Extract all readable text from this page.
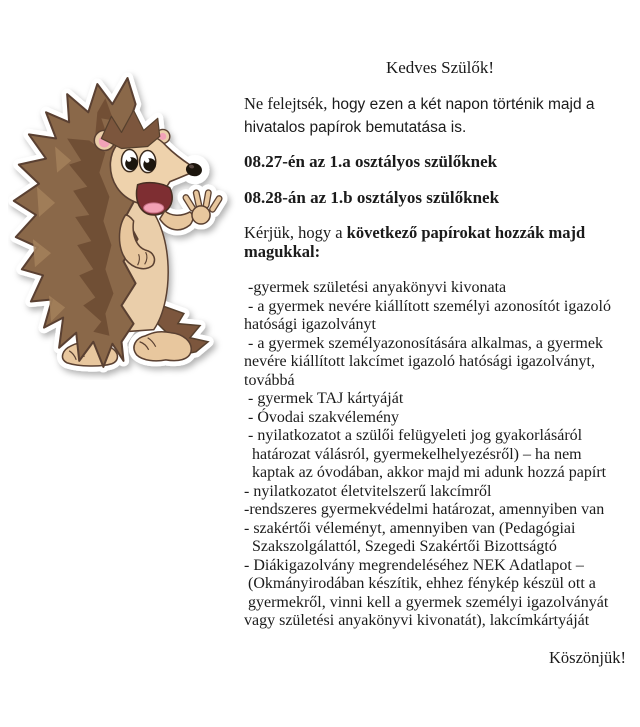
Kedves Szülők!
Ne felejtsék, hogy ezen a két napon történik majd a
hivatalos papírok bemutatása is.
08.27-én az 1.a osztályos szülőknek
08.28-án az 1.b osztályos szülőknek
Kérjük, hogy a következő papírokat hozzák majd
magukkal:
-gyermek születési anyakönyvi kivonata
- a gyermek nevére kiállított személyi azonosítót igazoló
hatósági igazolványt
- a gyermek személyazonosítására alkalmas, a gyermek
nevére kiállított lakcímet igazoló hatósági igazolványt,
továbbá
- gyermek TAJ kártyáját
- Óvodai szakvélemény
- nyilatkozatot a szülői felügyeleti jog gyakorlásáról
határozat válásról, gyermekelhelyezésről) – ha nem
kaptak az óvodában, akkor majd mi adunk hozzá papírt
- nyilatkozatot életvitelszerű lakcímről
-rendszeres gyermekvédelmi határozat, amennyiben van
- szakértői véleményt, amennyiben van (Pedagógiai
Szakszolgálattól, Szegedi Szakértői Bizottságtó
- Diákigazolvány megrendeléséhez NEK Adatlapot –
(Okmányirodában készítik, ehhez fénykép készül ott a
gyermekről, vinni kell a gyermek személyi igazolványát
vagy születési anyakönyvi kivonatát), lakcímkártyáját
Köszönjük!
